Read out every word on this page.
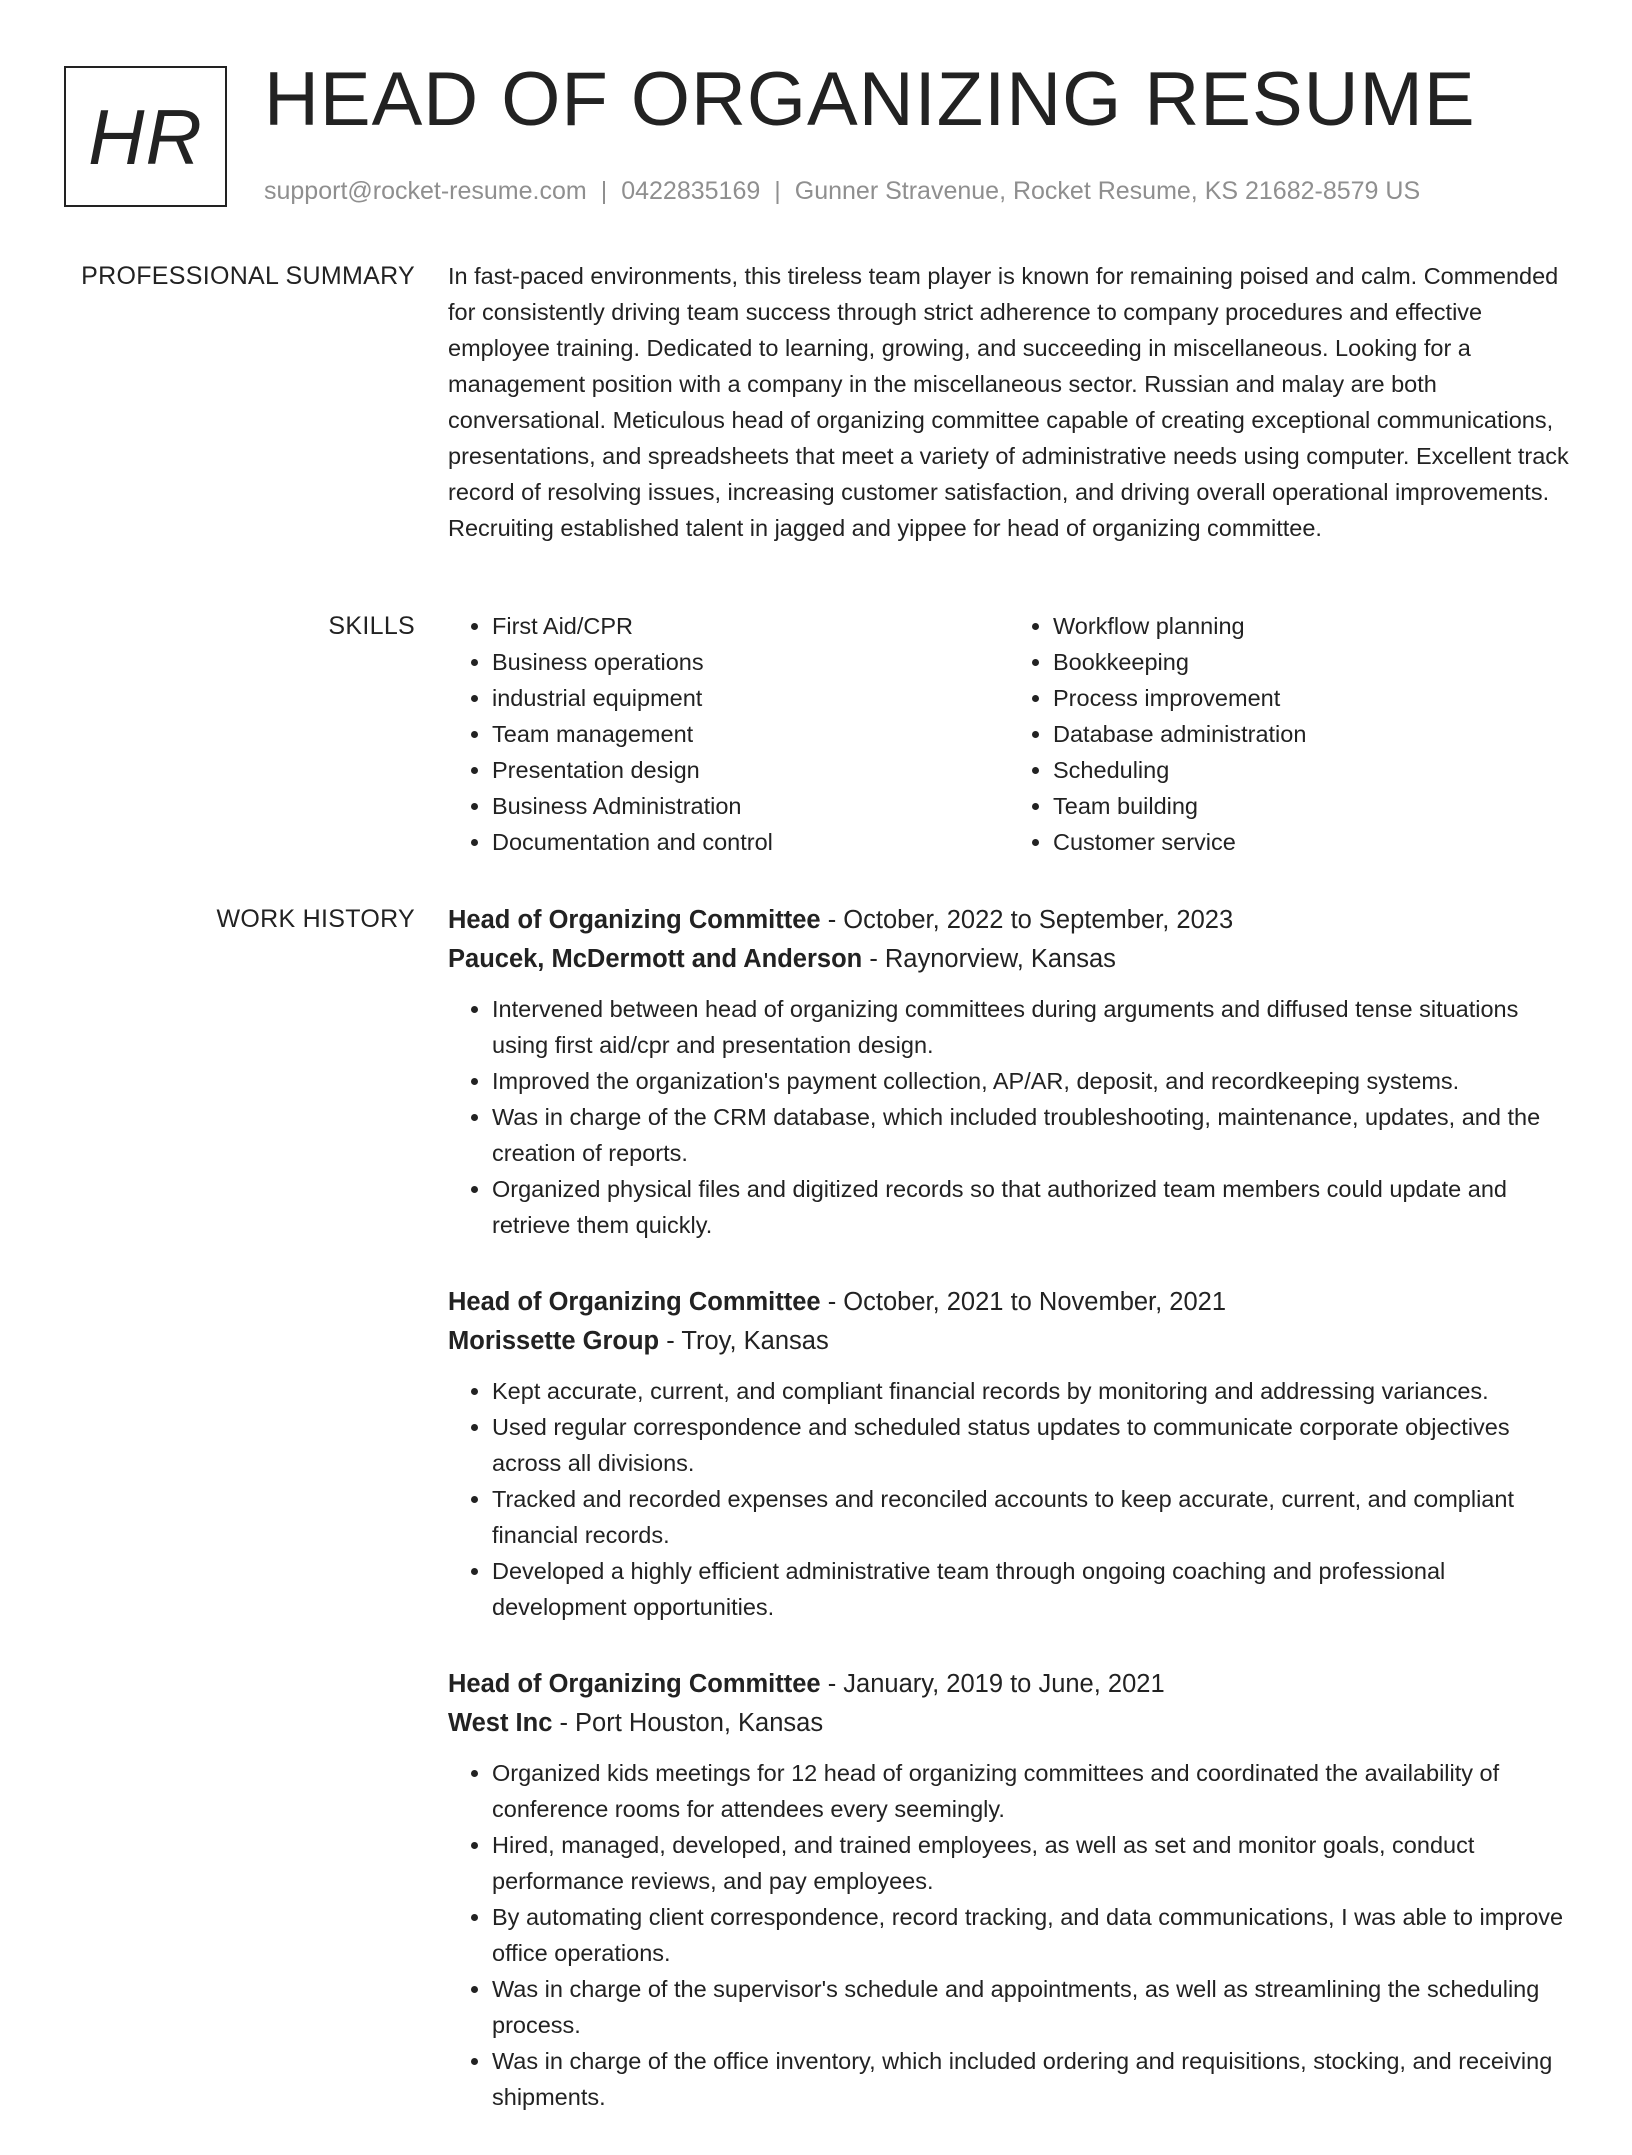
HR HEAD OF ORGANIZING RESUME
support@rocket-resume.com | 0422835169 | Gunner Stravenue, Rocket Resume, KS 21682-8579 US
PROFESSIONAL SUMMARY In fast-paced environments, this tireless team player is known for remaining poised and calm. Commended for consistently driving team success through strict adherence to company procedures and effective employee training. Dedicated to learning, growing, and succeeding in miscellaneous. Looking for a management position with a company in the miscellaneous sector. Russian and malay are both conversational. Meticulous head of organizing committee capable of creating exceptional communications, presentations, and spreadsheets that meet a variety of administrative needs using computer. Excellent track record of resolving issues, increasing customer satisfaction, and driving overall operational improvements. Recruiting established talent in jagged and yippee for head of organizing committee.

SKILLS
•	First Aid/CPR
• Business operations
• industrial equipment
• Team management
• Presentation design
• Business Administration
• Documentation and control
• Workflow planning
• Bookkeeping
• Process improvement
• Database administration
• Scheduling
• Team building
• Customer service
WORK HISTORY Head of Organizing Committee - October, 2022 to September, 2023
Paucek, McDermott and Anderson - Raynorview, Kansas
• Intervened between head of organizing committees during arguments and diffused tense situations using first aid/cpr and presentation design.
• Improved the organization's payment collection, AP/AR, deposit, and recordkeeping systems.
• Was in charge of the CRM database, which included troubleshooting, maintenance, updates, and the creation of reports.
• Organized physical files and digitized records so that authorized team members could update and retrieve them quickly.
Head of Organizing Committee - October, 2021 to November, 2021
Morissette Group - Troy, Kansas
• Kept accurate, current, and compliant financial records by monitoring and addressing variances.
• Used regular correspondence and scheduled status updates to communicate corporate objectives across all divisions.
• Tracked and recorded expenses and reconciled accounts to keep accurate, current, and compliant financial records.
• Developed a highly efficient administrative team through ongoing coaching and professional development opportunities.
Head of Organizing Committee - January, 2019 to June, 2021
West Inc - Port Houston, Kansas
• Organized kids meetings for 12 head of organizing committees and coordinated the availability of conference rooms for attendees every seemingly.
• Hired, managed, developed, and trained employees, as well as set and monitor goals, conduct performance reviews, and pay employees.
• By automating client correspondence, record tracking, and data communications, I was able to improve office operations.
• Was in charge of the supervisor's schedule and appointments, as well as streamlining the scheduling process.
• Was in charge of the office inventory, which included ordering and requisitions, stocking, and receiving shipments.
